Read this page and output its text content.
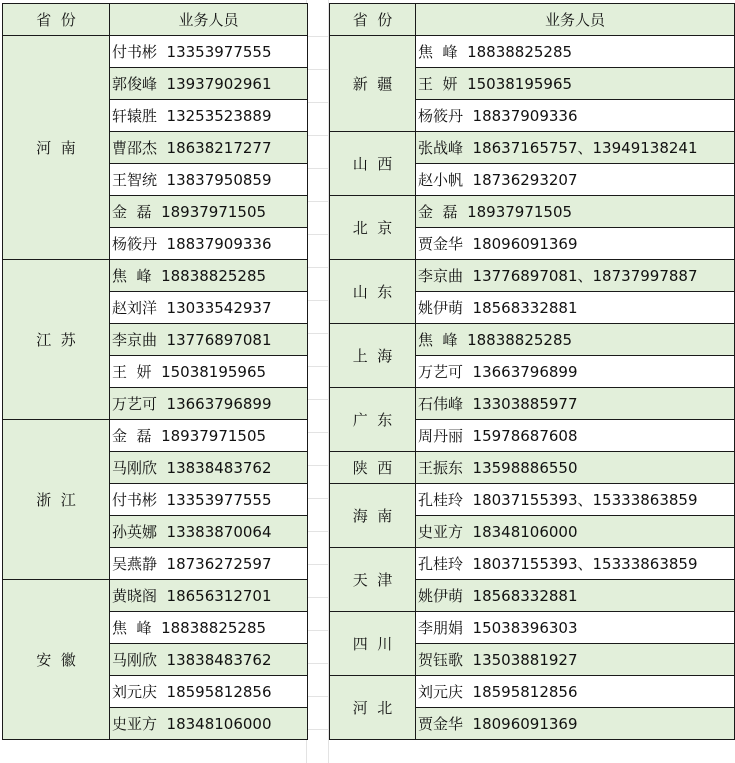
省  份	业务人员
河  南	付书彬  13353977555
	郭俊峰  13937902961
	轩辕胜  13253523889
	曹邵杰  18638217277
	王智统  13837950859
	金  磊  18937971505
	杨筱丹  18837909336
江  苏	焦  峰  18838825285
	赵刘洋  13033542937
	李京曲  13776897081
	王  妍  15038195965
	万艺可  13663796899
浙  江	金  磊  18937971505
	马刚欣  13838483762
	付书彬  13353977555
	孙英娜  13383870064
	吴燕静  18736272597
安  徽	黄晓阁  18656312701
	焦  峰  18838825285
	马刚欣  13838483762
	刘元庆  18595812856
	史亚方  18348106000
省  份	业务人员
新  疆	焦  峰  18838825285
	王  妍  15038195965
	杨筱丹  18837909336
山  西	张战峰  18637165757、13949138241
	赵小帆  18736293207
北  京	金  磊  18937971505
	贾金华  18096091369
山  东	李京曲  13776897081、18737997887
	姚伊萌  18568332881
上  海	焦  峰  18838825285
	万艺可  13663796899
广  东	石伟峰  13303885977
	周丹丽  15978687608
陕  西	王振东  13598886550
海  南	孔桂玲  18037155393、15333863859
	史亚方  18348106000
天  津	孔桂玲  18037155393、15333863859
	姚伊萌  18568332881
四  川	李朋娟  15038396303
	贺钰歌  13503881927
河  北	刘元庆  18595812856
	贾金华  18096091369
